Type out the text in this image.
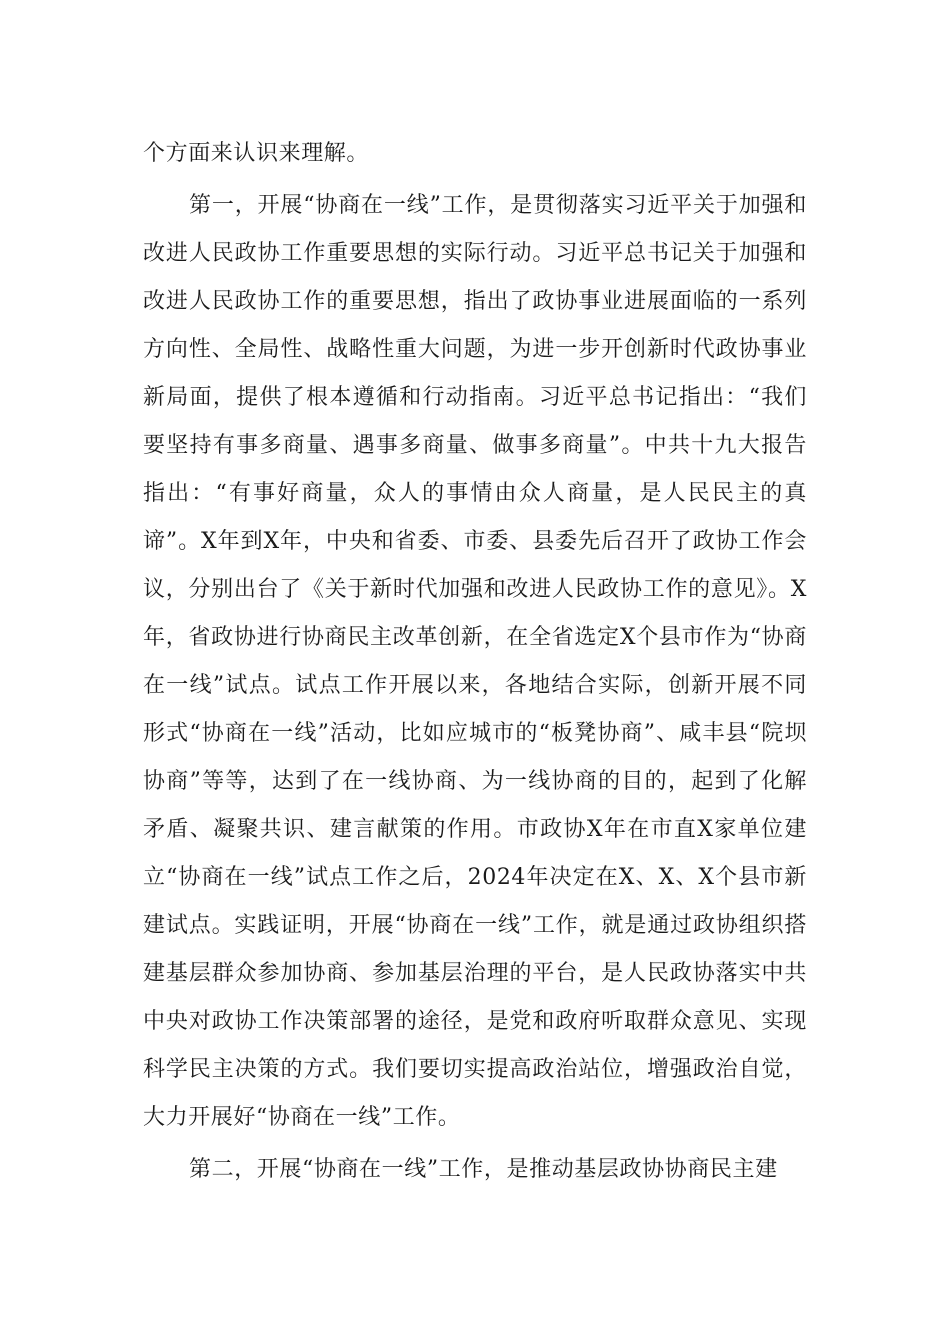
个方面来认识来理解。

第一，开展“协商在一线”工作，是贯彻落实习近平关于加强和改进人民政协工作重要思想的实际行动。习近平总书记关于加强和改进人民政协工作的重要思想，指出了政协事业进展面临的一系列方向性、全局性、战略性重大问题，为进一步开创新时代政协事业新局面，提供了根本遵循和行动指南。习近平总书记指出：“我们要坚持有事多商量、遇事多商量、做事多商量”。中共十九大报告指出：“有事好商量，众人的事情由众人商量，是人民民主的真谛”。X年到X年，中央和省委、市委、县委先后召开了政协工作会议，分别出台了《关于新时代加强和改进人民政协工作的意见》。X年，省政协进行协商民主改革创新，在全省选定X个县市作为“协商在一线”试点。试点工作开展以来，各地结合实际，创新开展不同形式“协商在一线”活动，比如应城市的“板凳协商”、咸丰县“院坝协商”等等，达到了在一线协商、为一线协商的目的，起到了化解矛盾、凝聚共识、建言献策的作用。市政协X年在市直X家单位建立“协商在一线”试点工作之后，2024年决定在X、X、X个县市新建试点。实践证明，开展“协商在一线”工作，就是通过政协组织搭建基层群众参加协商、参加基层治理的平台，是人民政协落实中共中央对政协工作决策部署的途径，是党和政府听取群众意见、实现科学民主决策的方式。我们要切实提高政治站位，增强政治自觉，大力开展好“协商在一线”工作。

第二，开展“协商在一线”工作，是推动基层政协协商民主建
